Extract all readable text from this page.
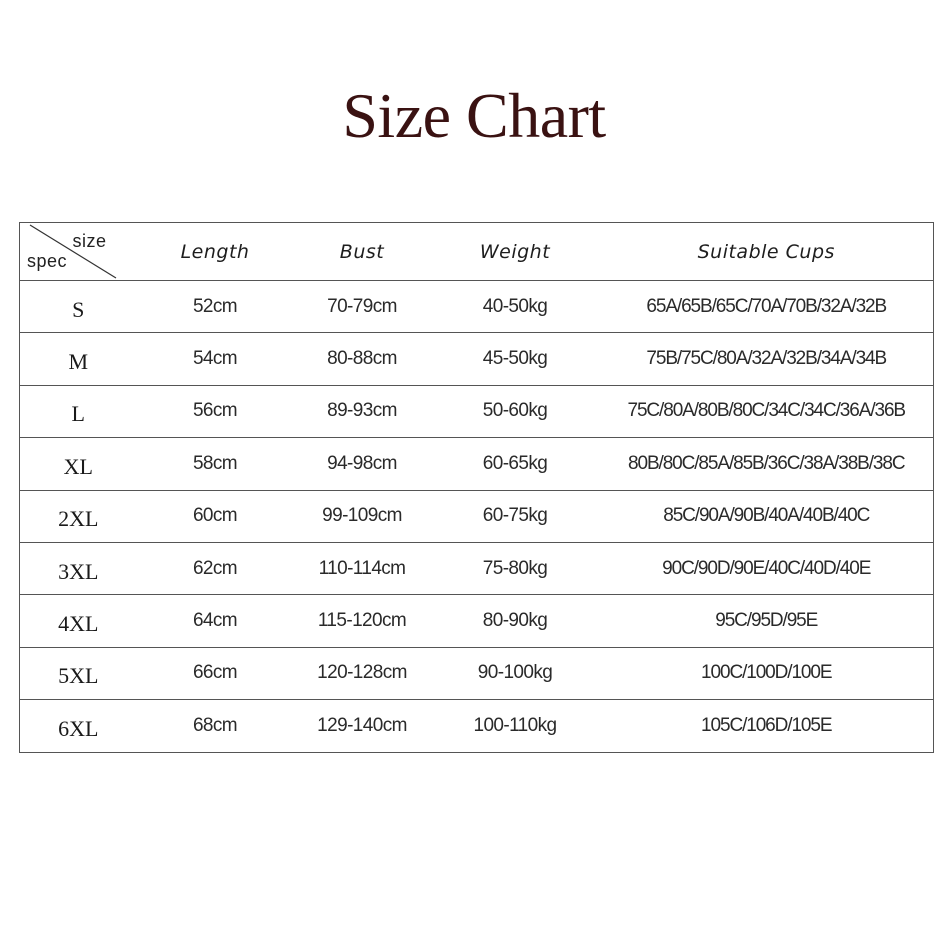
Size Chart
size
spec	Length	Bust	Weight	Suitable Cups
S	52cm	70-79cm	40-50kg	65A/65B/65C/70A/70B/32A/32B
M	54cm	80-88cm	45-50kg	75B/75C/80A/32A/32B/34A/34B
L	56cm	89-93cm	50-60kg	75C/80A/80B/80C/34C/34C/36A/36B
XL	58cm	94-98cm	60-65kg	80B/80C/85A/85B/36C/38A/38B/38C
2XL	60cm	99-109cm	60-75kg	85C/90A/90B/40A/40B/40C
3XL	62cm	110-114cm	75-80kg	90C/90D/90E/40C/40D/40E
4XL	64cm	115-120cm	80-90kg	95C/95D/95E
5XL	66cm	120-128cm	90-100kg	100C/100D/100E
6XL	68cm	129-140cm	100-110kg	105C/106D/105E
